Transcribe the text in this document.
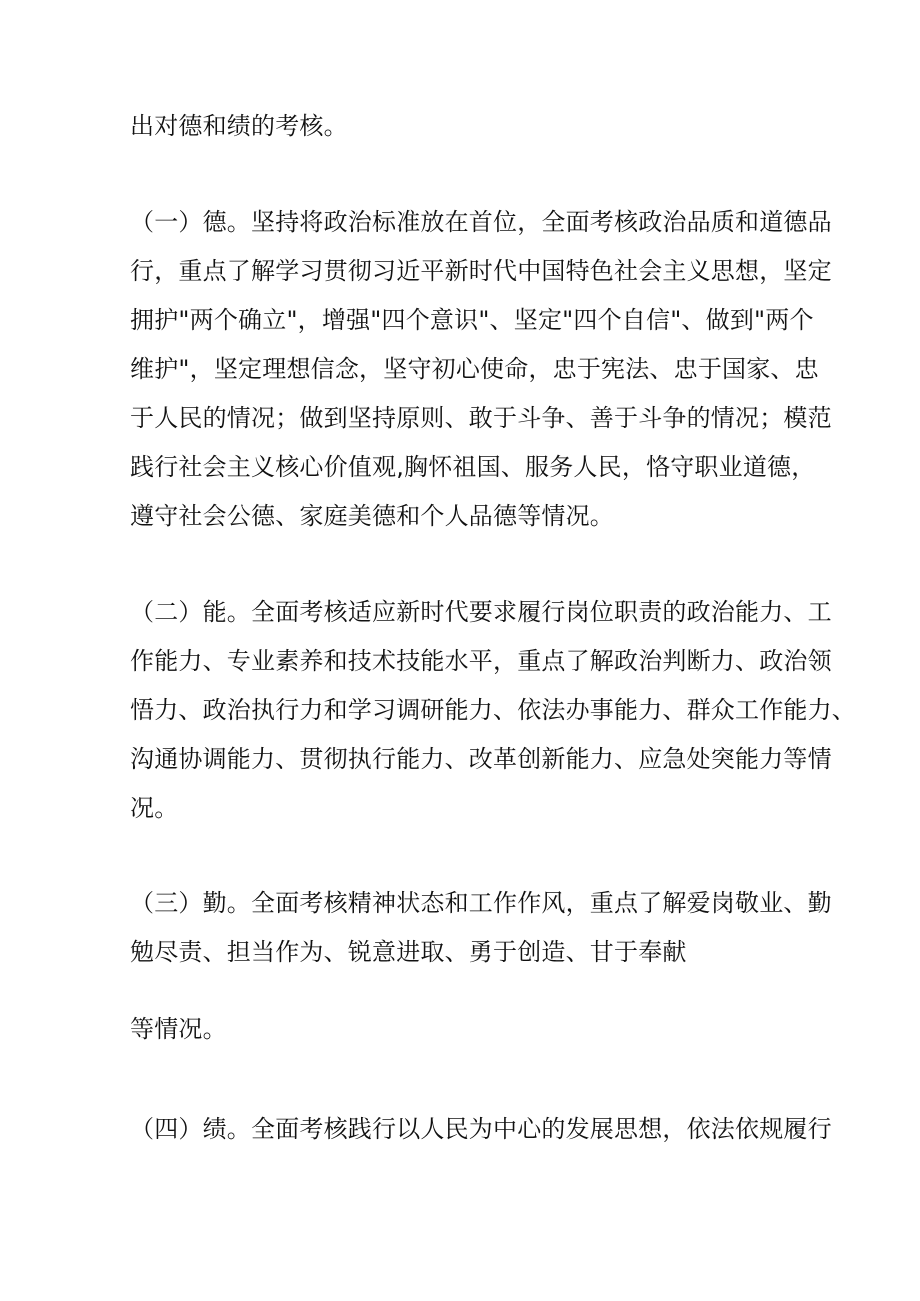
出对德和绩的考核。
（一）德。坚持将政治标准放在首位，全面考核政治品质和道德品
行，重点了解学习贯彻习近平新时代中国特色社会主义思想，坚定
拥护"两个确立"，增强"四个意识"、坚定"四个自信"、做到"两个
维护"，坚定理想信念，坚守初心使命，忠于宪法、忠于国家、忠
于人民的情况；做到坚持原则、敢于斗争、善于斗争的情况；模范
践行社会主义核心价值观,胸怀祖国、服务人民，恪守职业道德，
遵守社会公德、家庭美德和个人品德等情况。
（二）能。全面考核适应新时代要求履行岗位职责的政治能力、工
作能力、专业素养和技术技能水平，重点了解政治判断力、政治领
悟力、政治执行力和学习调研能力、依法办事能力、群众工作能力、
沟通协调能力、贯彻执行能力、改革创新能力、应急处突能力等情
况。
（三）勤。全面考核精神状态和工作作风，重点了解爱岗敬业、勤
勉尽责、担当作为、锐意进取、勇于创造、甘于奉献
等情况。
（四）绩。全面考核践行以人民为中心的发展思想，依法依规履行
